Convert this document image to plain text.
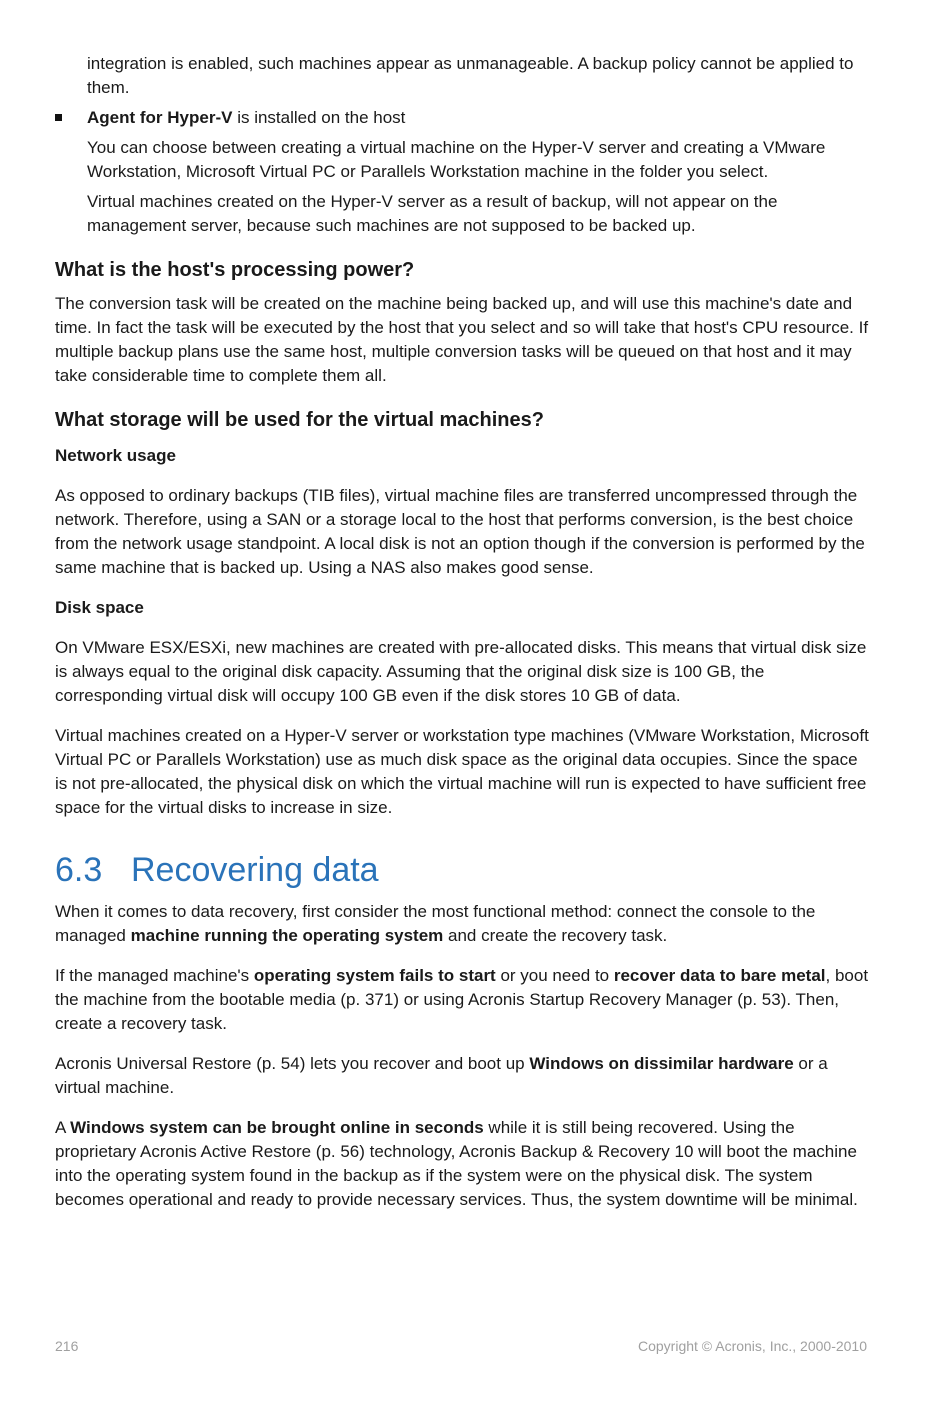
integration is enabled, such machines appear as unmanageable. A backup policy cannot be applied to them.

Agent for Hyper-V is installed on the host

You can choose between creating a virtual machine on the Hyper-V server and creating a VMware Workstation, Microsoft Virtual PC or Parallels Workstation machine in the folder you select.

Virtual machines created on the Hyper-V server as a result of backup, will not appear on the management server, because such machines are not supposed to be backed up.

What is the host's processing power?

The conversion task will be created on the machine being backed up, and will use this machine's date and time. In fact the task will be executed by the host that you select and so will take that host's CPU resource. If multiple backup plans use the same host, multiple conversion tasks will be queued on that host and it may take considerable time to complete them all.

What storage will be used for the virtual machines?
Network usage

As opposed to ordinary backups (TIB files), virtual machine files are transferred uncompressed through the network. Therefore, using a SAN or a storage local to the host that performs conversion, is the best choice from the network usage standpoint. A local disk is not an option though if the conversion is performed by the same machine that is backed up. Using a NAS also makes good sense.

Disk space

On VMware ESX/ESXi, new machines are created with pre-allocated disks. This means that virtual disk size is always equal to the original disk capacity. Assuming that the original disk size is 100 GB, the corresponding virtual disk will occupy 100 GB even if the disk stores 10 GB of data.

Virtual machines created on a Hyper-V server or workstation type machines (VMware Workstation, Microsoft Virtual PC or Parallels Workstation) use as much disk space as the original data occupies. Since the space is not pre-allocated, the physical disk on which the virtual machine will run is expected to have sufficient free space for the virtual disks to increase in size.

6.3 Recovering data

When it comes to data recovery, first consider the most functional method: connect the console to the managed machine running the operating system and create the recovery task.

If the managed machine's operating system fails to start or you need to recover data to bare metal, boot the machine from the bootable media (p. 371) or using Acronis Startup Recovery Manager (p. 53). Then, create a recovery task.

Acronis Universal Restore (p. 54) lets you recover and boot up Windows on dissimilar hardware or a virtual machine.

A Windows system can be brought online in seconds while it is still being recovered. Using the proprietary Acronis Active Restore (p. 56) technology, Acronis Backup & Recovery 10 will boot the machine into the operating system found in the backup as if the system were on the physical disk. The system becomes operational and ready to provide necessary services. Thus, the system downtime will be minimal.

216	Copyright © Acronis, Inc., 2000-2010
